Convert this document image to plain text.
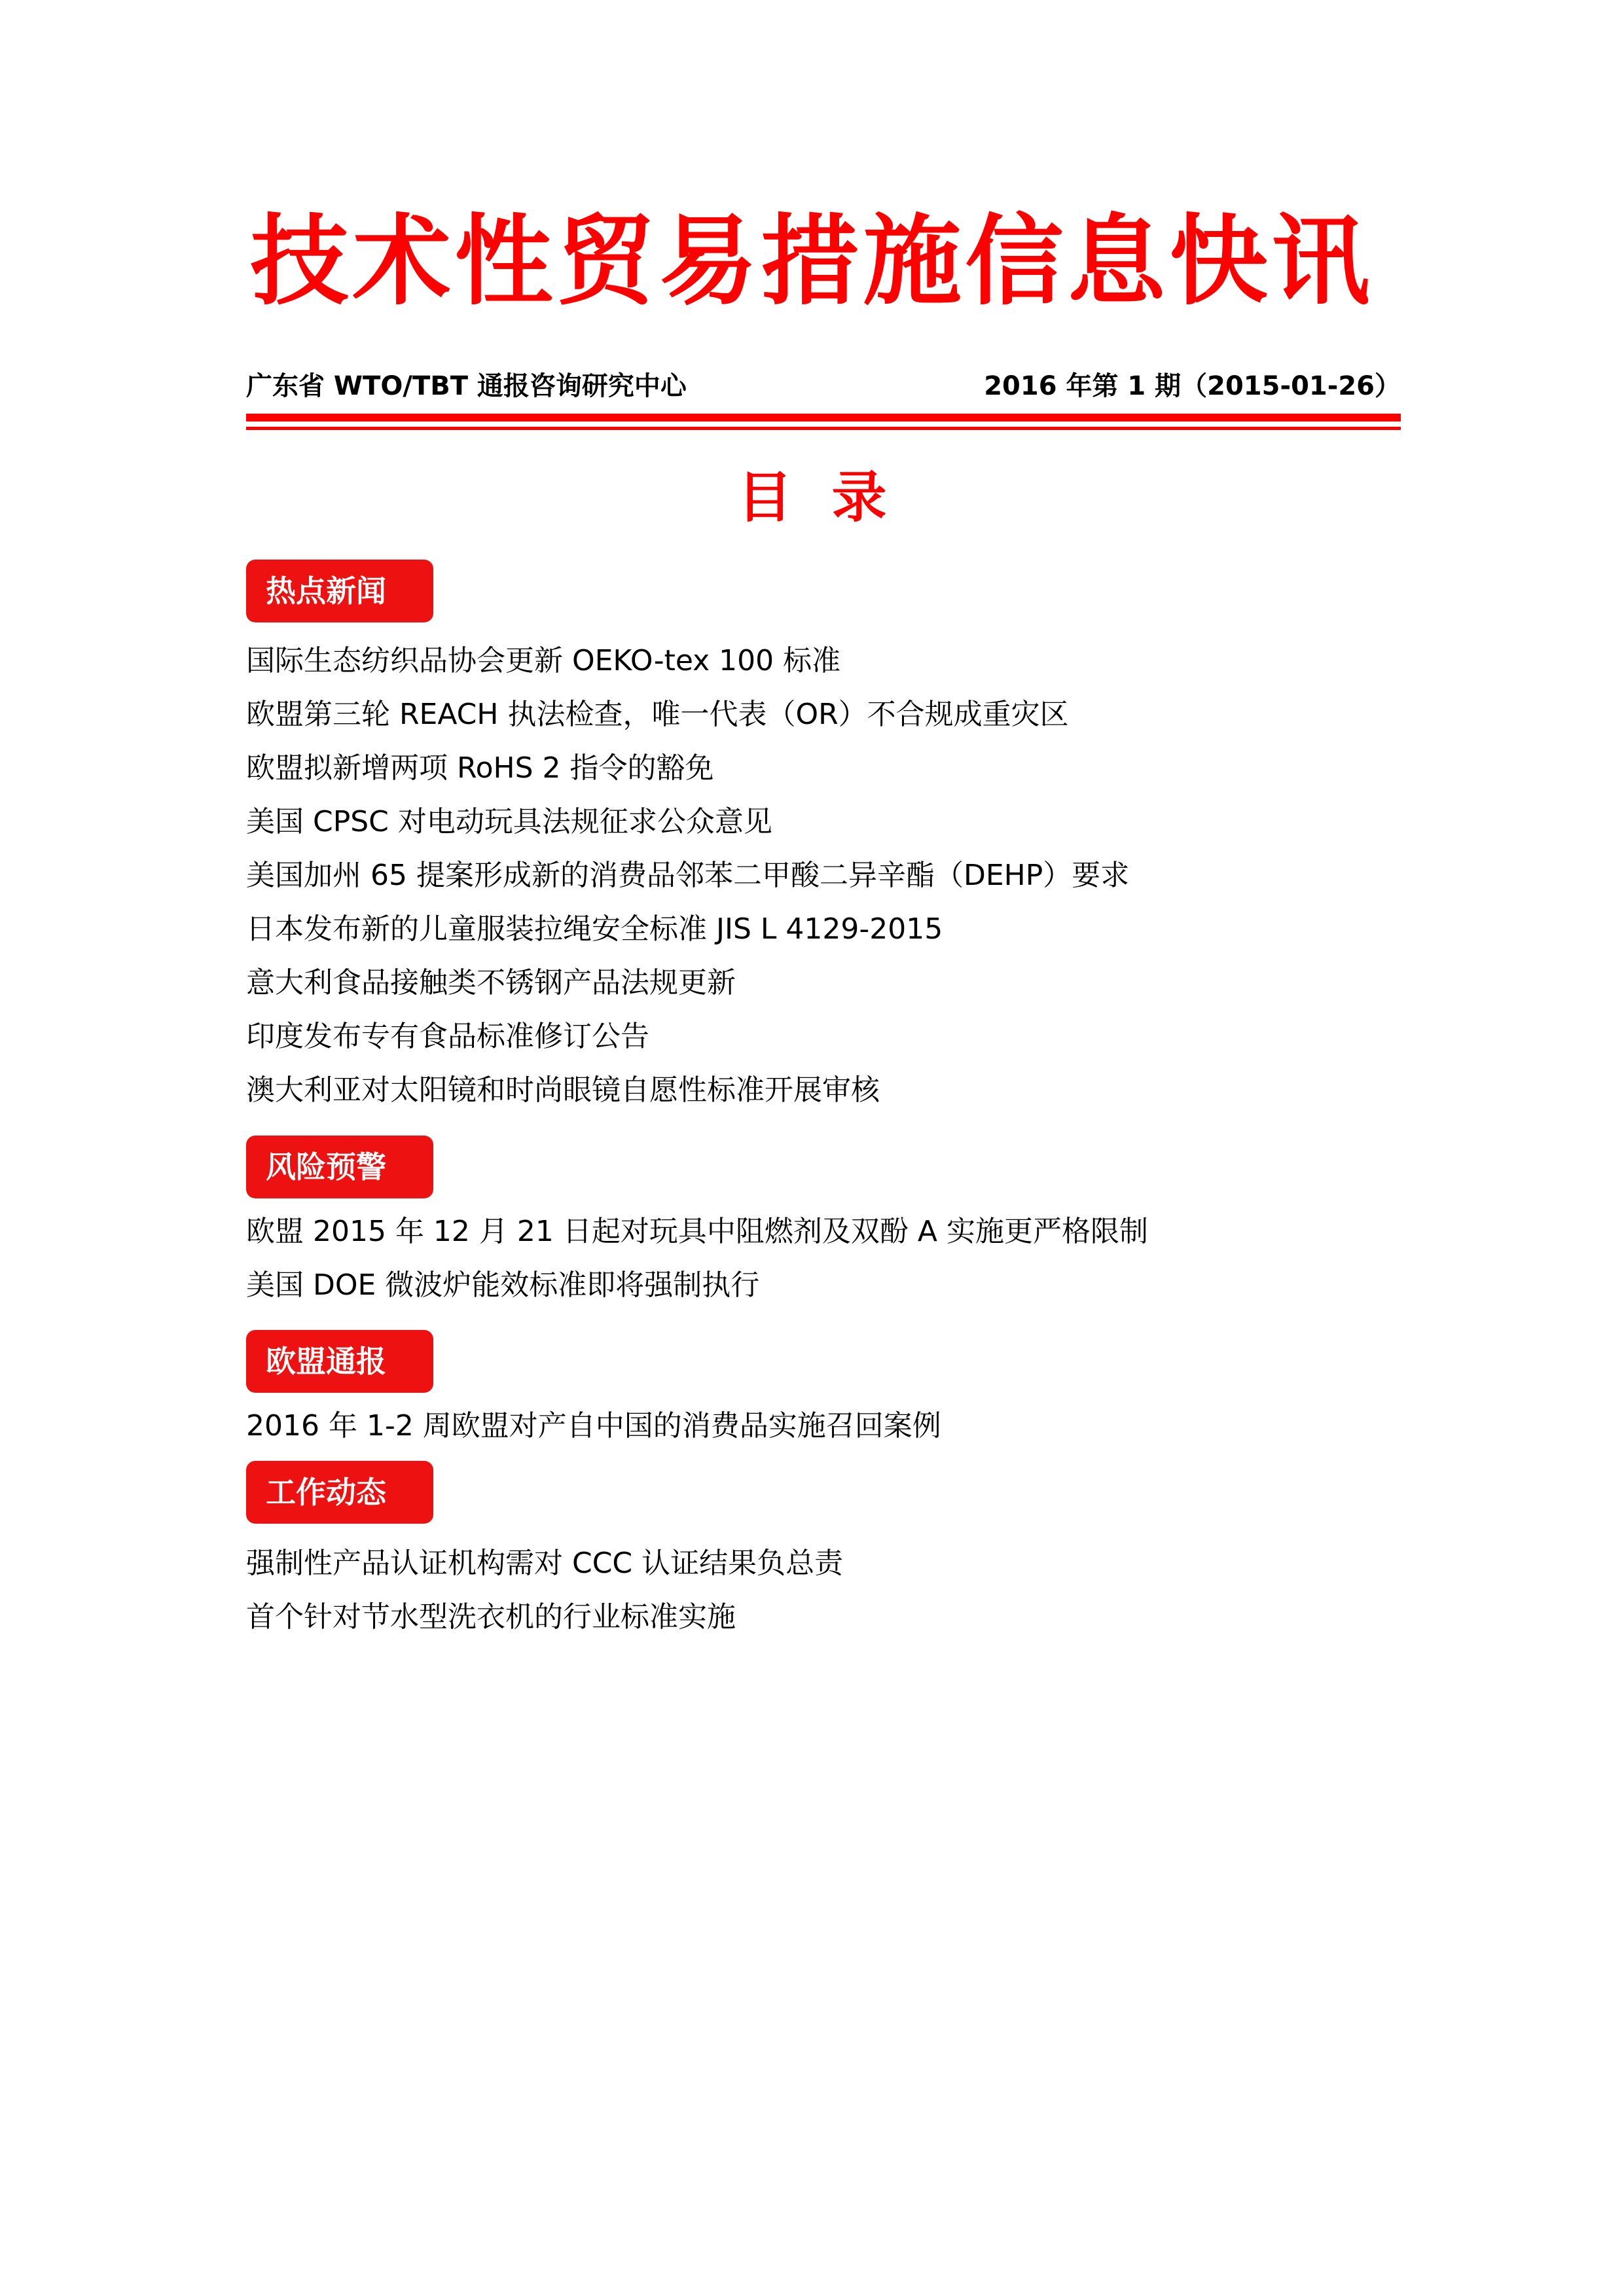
技术性贸易措施信息快讯
广东省 WTO/TBT 通报咨询研究中心	2016 年第 1 期（2015-01-26）
目录
热点新闻
国际生态纺织品协会更新 OEKO-tex 100 标准
欧盟第三轮 REACH 执法检查，唯一代表（OR）不合规成重灾区
欧盟拟新增两项 RoHS 2 指令的豁免
美国 CPSC 对电动玩具法规征求公众意见
美国加州 65 提案形成新的消费品邻苯二甲酸二异辛酯（DEHP）要求
日本发布新的儿童服装拉绳安全标准 JIS L 4129-2015
意大利食品接触类不锈钢产品法规更新
印度发布专有食品标准修订公告
澳大利亚对太阳镜和时尚眼镜自愿性标准开展审核
风险预警
欧盟 2015 年 12 月 21 日起对玩具中阻燃剂及双酚 A 实施更严格限制
美国 DOE 微波炉能效标准即将强制执行
欧盟通报
2016 年 1-2 周欧盟对产自中国的消费品实施召回案例
工作动态
强制性产品认证机构需对 CCC 认证结果负总责
首个针对节水型洗衣机的行业标准实施
